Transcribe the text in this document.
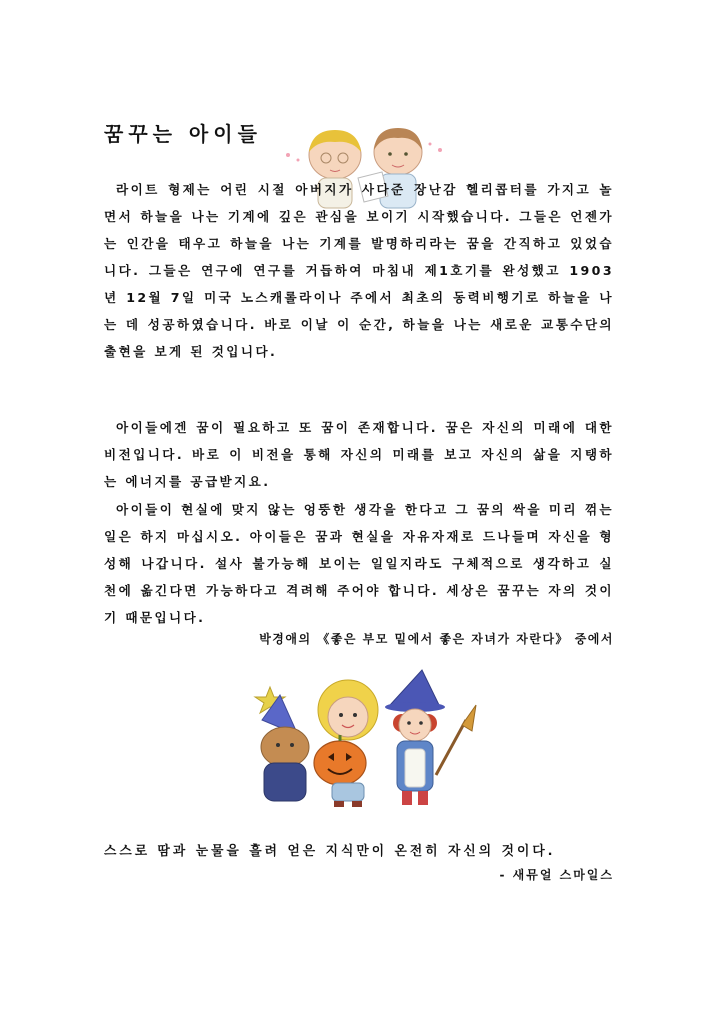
꿈꾸는 아이들

라이트 형제는 어린 시절 아버지가 사다준 장난감 헬리콥터를 가지고 놀면서 하늘을 나는 기계에 깊은 관심을 보이기 시작했습니다. 그들은 언젠가는 인간을 태우고 하늘을 나는 기계를 발명하리라는 꿈을 간직하고 있었습니다. 그들은 연구에 연구를 거듭하여 마침내 제1호기를 완성했고 1903년 12월 7일 미국 노스캐롤라이나 주에서 최초의 동력비행기로 하늘을 나는 데 성공하였습니다. 바로 이날 이 순간, 하늘을 나는 새로운 교통수단의 출현을 보게 된 것입니다.

아이들에겐 꿈이 필요하고 또 꿈이 존재합니다. 꿈은 자신의 미래에 대한 비전입니다. 바로 이 비전을 통해 자신의 미래를 보고 자신의 삶을 지탱하는 에너지를 공급받지요.

아이들이 현실에 맞지 않는 엉뚱한 생각을 한다고 그 꿈의 싹을 미리 꺾는 일은 하지 마십시오. 아이들은 꿈과 현실을 자유자재로 드나들며 자신을 형성해 나갑니다. 설사 불가능해 보이는 일일지라도 구체적으로 생각하고 실천에 옮긴다면 가능하다고 격려해 주어야 합니다. 세상은 꿈꾸는 자의 것이기 때문입니다.

박경애의 《좋은 부모 밑에서 좋은 자녀가 자란다》 중에서
스스로 땀과 눈물을 흘려 얻은 지식만이 온전히 자신의 것이다.
- 새뮤얼 스마일스
